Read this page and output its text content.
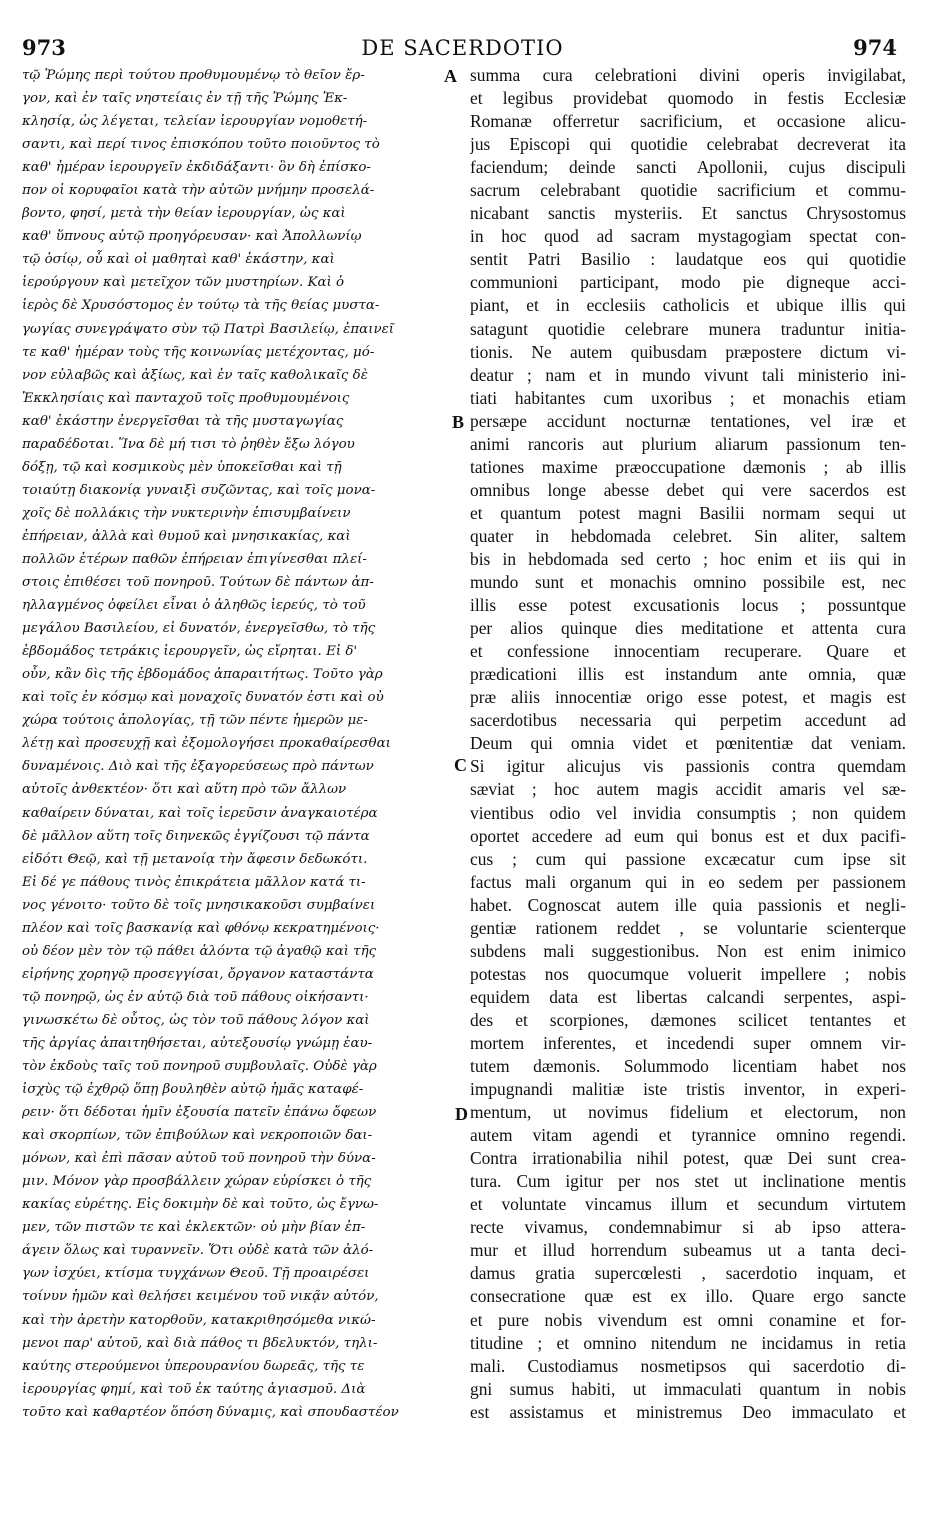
973	DE SACERDOTIO	974
τῷ Ῥώμης περὶ τούτου προθυμουμένῳ τὸ θεῖον ἔρ-
γον, καὶ ἐν ταῖς νηστείαις ἐν τῇ τῆς Ῥώμης Ἐκ-
κλησίᾳ, ὡς λέγεται, τελείαν ἱερουργίαν νομοθετή-
σαντι, καὶ περί τινος ἐπισκόπου τοῦτο ποιοῦντος τὸ
καθ' ἡμέραν ἱερουργεῖν ἐκδιδάξαντι· ὃν δὴ ἐπίσκο-
πον οἱ κορυφαῖοι κατὰ τὴν αὐτῶν μνήμην προσελά-
βοντο, φησί, μετὰ τὴν θείαν ἱερουργίαν, ὡς καὶ
καθ' ὕπνους αὐτῷ προηγόρευσαν· καὶ Ἀπολλωνίῳ
τῷ ὁσίῳ, οὗ καὶ οἱ μαθηταὶ καθ' ἑκάστην, καὶ
ἱερούργουν καὶ μετεῖχον τῶν μυστηρίων. Καὶ ὁ
ἱερὸς δὲ Χρυσόστομος ἐν τούτῳ τὰ τῆς θείας μυστα-
γωγίας συνεγράψατο σὺν τῷ Πατρὶ Βασιλείῳ, ἐπαινεῖ
τε καθ' ἡμέραν τοὺς τῆς κοινωνίας μετέχοντας, μό-
νον εὐλαβῶς καὶ ἀξίως, καὶ ἐν ταῖς καθολικαῖς δὲ
Ἐκκλησίαις καὶ πανταχοῦ τοῖς προθυμουμένοις
καθ' ἑκάστην ἐνεργεῖσθαι τὰ τῆς μυσταγωγίας
παραδέδοται. Ἵνα δὲ μή τισι τὸ ῥηθὲν ἔξω λόγου
δόξῃ, τῷ καὶ κοσμικοὺς μὲν ὑποκεῖσθαι καὶ τῇ
τοιαύτῃ διακονίᾳ γυναιξὶ συζῶντας, καὶ τοῖς μονα-
χοῖς δὲ πολλάκις τὴν νυκτερινὴν ἐπισυμβαίνειν
ἐπήρειαν, ἀλλὰ καὶ θυμοῦ καὶ μνησικακίας, καὶ
πολλῶν ἑτέρων παθῶν ἐπήρειαν ἐπιγίνεσθαι πλεί-
στοις ἐπιθέσει τοῦ πονηροῦ. Τούτων δὲ πάντων ἀπ-
ηλλαγμένος ὀφείλει εἶναι ὁ ἀληθῶς ἱερεύς, τὸ τοῦ
μεγάλου Βασιλείου, εἰ δυνατόν, ἐνεργεῖσθω, τὸ τῆς
ἑβδομάδος τετράκις ἱερουργεῖν, ὡς εἴρηται. Εἰ δ'
οὖν, κἂν δὶς τῆς ἑβδομάδος ἀπαραιτήτως. Τοῦτο γὰρ
καὶ τοῖς ἐν κόσμῳ καὶ μοναχοῖς δυνατόν ἐστι καὶ οὐ
χώρα τούτοις ἀπολογίας, τῇ τῶν πέντε ἡμερῶν με-
λέτῃ καὶ προσευχῇ καὶ ἐξομολογήσει προκαθαίρεσθαι
δυναμένοις. Διὸ καὶ τῆς ἐξαγορεύσεως πρὸ πάντων
αὐτοῖς ἀνθεκτέον· ὅτι καὶ αὕτη πρὸ τῶν ἄλλων
καθαίρειν δύναται, καὶ τοῖς ἱερεῦσιν ἀναγκαιοτέρα
δὲ μᾶλλον αὕτη τοῖς διηνεκῶς ἐγγίζουσι τῷ πάντα
εἰδότι Θεῷ, καὶ τῇ μετανοίᾳ τὴν ἄφεσιν δεδωκότι.
Εἰ δέ γε πάθους τινὸς ἐπικράτεια μᾶλλον κατά τι-
νος γένοιτο· τοῦτο δὲ τοῖς μνησικακοῦσι συμβαίνει
πλέον καὶ τοῖς βασκανίᾳ καὶ φθόνῳ κεκρατημένοις·
οὐ δέον μὲν τὸν τῷ πάθει ἁλόντα τῷ ἀγαθῷ καὶ τῆς
εἰρήνης χορηγῷ προσεγγίσαι, ὄργανον καταστάντα
τῷ πονηρῷ, ὡς ἐν αὐτῷ διὰ τοῦ πάθους οἰκήσαντι·
γινωσκέτω δὲ οὗτος, ὡς τὸν τοῦ πάθους λόγον καὶ
τῆς ἀργίας ἀπαιτηθήσεται, αὐτεξουσίῳ γνώμῃ ἑαυ-
τὸν ἐκδοὺς ταῖς τοῦ πονηροῦ συμβουλαῖς. Οὐδὲ γὰρ
ἰσχὺς τῷ ἐχθρῷ ὅπῃ βουληθὲν αὐτῷ ἡμᾶς καταφέ-
ρειν· ὅτι δέδοται ἡμῖν ἐξουσία πατεῖν ἐπάνω ὄφεων
καὶ σκορπίων, τῶν ἐπιβούλων καὶ νεκροποιῶν δαι-
μόνων, καὶ ἐπὶ πᾶσαν αὐτοῦ τοῦ πονηροῦ τὴν δύνα-
μιν. Μόνον γὰρ προσβάλλειν χώραν εὑρίσκει ὁ τῆς
κακίας εὑρέτης. Εἰς δοκιμὴν δὲ καὶ τοῦτο, ὡς ἔγνω-
μεν, τῶν πιστῶν τε καὶ ἐκλεκτῶν· οὐ μὴν βίαν ἐπ-
άγειν ὅλως καὶ τυραννεῖν. Ὅτι οὐδὲ κατὰ τῶν ἀλό-
γων ἰσχύει, κτίσμα τυγχάνων Θεοῦ. Τῇ προαιρέσει
τοίνυν ἡμῶν καὶ θελήσει κειμένου τοῦ νικᾷν αὐτόν,
καὶ τὴν ἀρετὴν κατορθοῦν, κατακριθησόμεθα νικώ-
μενοι παρ' αὐτοῦ, καὶ διὰ πάθος τι βδελυκτόν, τηλι-
καύτης στερούμενοι ὑπερουρανίου δωρεᾶς, τῆς τε
ἱερουργίας φημί, καὶ τοῦ ἐκ ταύτης ἁγιασμοῦ. Διὰ
τοῦτο καὶ καθαρτέον ὅπόση δύναμις, καὶ σπουδαστέον
summa cura celebrationi divini operis invigilabat,
et legibus providebat quomodo in festis Ecclesiæ
Romanæ offerretur sacrificium, et occasione alicu-
jus Episcopi qui quotidie celebrabat decreverat ita
faciendum; deinde sancti Apollonii, cujus discipuli
sacrum celebrabant quotidie sacrificium et commu-
nicabant sanctis mysteriis. Et sanctus Chrysostomus
in hoc quod ad sacram mystagogiam spectat con-
sentit Patri Basilio : laudatque eos qui quotidie
communioni participant, modo pie digneque acci-
piant, et in ecclesiis catholicis et ubique illis qui
satagunt quotidie celebrare munera traduntur initia-
tionis. Ne autem quibusdam præpostere dictum vi-
deatur ; nam et in mundo vivunt tali ministerio ini-
tiati habitantes cum uxoribus ; et monachis etiam
persæpe accidunt nocturnæ tentationes, vel iræ et
animi rancoris aut plurium aliarum passionum ten-
tationes maxime præoccupatione dæmonis ; ab illis
omnibus longe abesse debet qui vere sacerdos est
et quantum potest magni Basilii normam sequi ut
quater in hebdomada celebret. Sin aliter, saltem
bis in hebdomada sed certo ; hoc enim et iis qui in
mundo sunt et monachis omnino possibile est, nec
illis esse potest excusationis locus ; possuntque
per alios quinque dies meditatione et attenta cura
et confessione innocentiam recuperare. Quare et
prædicationi illis est instandum ante omnia, quæ
præ aliis innocentiæ origo esse potest, et magis est
sacerdotibus necessaria qui perpetim accedunt ad
Deum qui omnia videt et pœnitentiæ dat veniam.
Si igitur alicujus vis passionis contra quemdam
sæviat ; hoc autem magis accidit amaris vel sæ-
vientibus odio vel invidia consumptis ; non quidem
oportet accedere ad eum qui bonus est et dux pacifi-
cus ; cum qui passione excæcatur cum ipse sit
factus mali organum qui in eo sedem per passionem
habet. Cognoscat autem ille quia passionis et negli-
gentiæ rationem reddet , se voluntarie scienterque
subdens mali suggestionibus. Non est enim inimico
potestas nos quocumque voluerit impellere ; nobis
equidem data est libertas calcandi serpentes, aspi-
des et scorpiones, dæmones scilicet tentantes et
mortem inferentes, et incedendi super omnem vir-
tutem dæmonis. Solummodo licentiam habet nos
impugnandi malitiæ iste tristis inventor, in experi-
mentum, ut novimus fidelium et electorum, non
autem vitam agendi et tyrannice omnino regendi.
Contra irrationabilia nihil potest, quæ Dei sunt crea-
tura. Cum igitur per nos stet ut inclinatione mentis
et voluntate vincamus illum et secundum virtutem
recte vivamus, condemnabimur si ab ipso attera-
mur et illud horrendum subeamus ut a tanta deci-
damus gratia supercœlesti , sacerdotio inquam, et
consecratione quæ est ex illo. Quare ergo sancte
et pure nobis vivendum est omni conamine et for-
titudine ; et omnino nitendum ne incidamus in retia
mali. Custodiamus nosmetipsos qui sacerdotio di-
gni sumus habiti, ut immaculati quantum in nobis
est assistamus et ministremus Deo immaculato et
A
B
C
D
